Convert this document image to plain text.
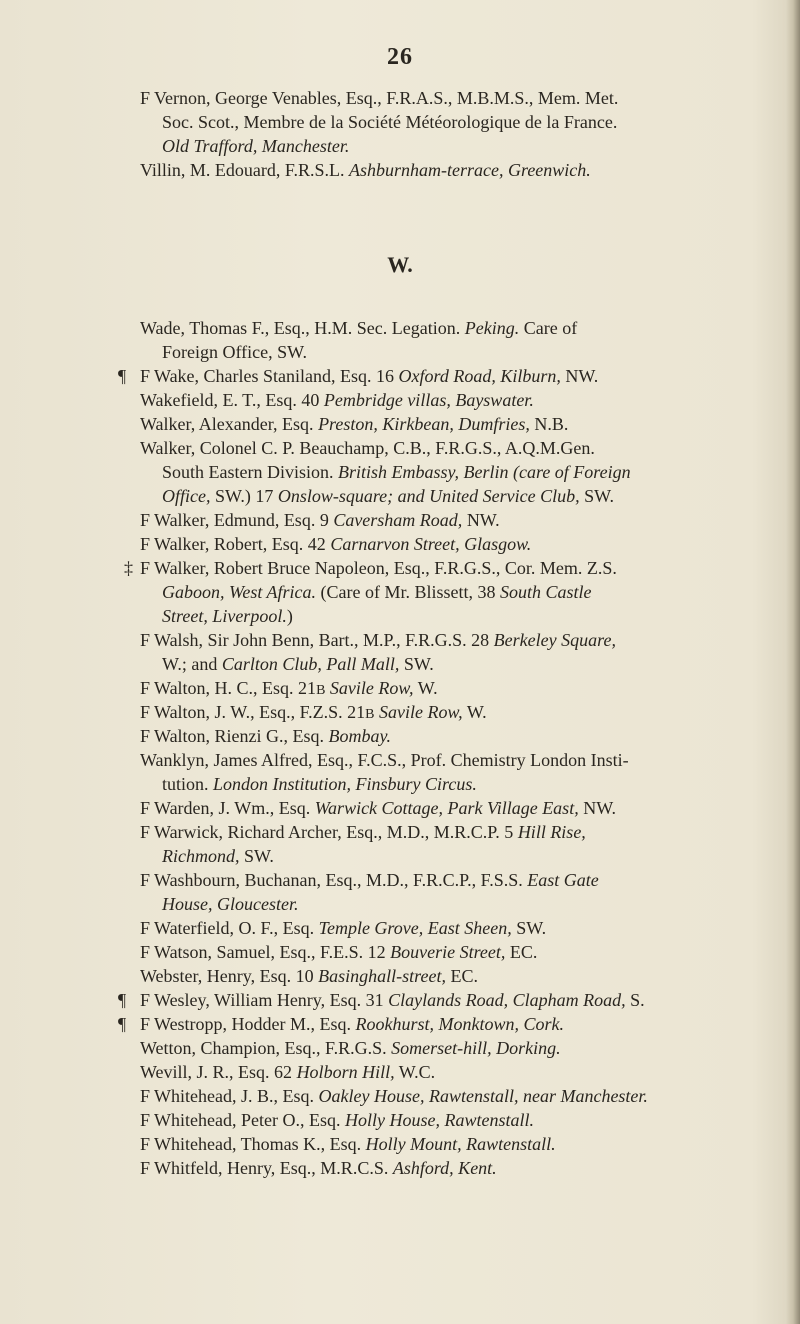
26
W.
F Vernon, George Venables, Esq., F.R.A.S., M.B.M.S., Mem. Met.
Soc. Scot., Membre de la Société Météorologique de la France.
Old Trafford, Manchester.
Villin, M. Edouard, F.R.S.L. Ashburnham-terrace, Greenwich.
Wade, Thomas F., Esq., H.M. Sec. Legation. Peking. Care of
Foreign Office, SW.
¶ F Wake, Charles Staniland, Esq. 16 Oxford Road, Kilburn, NW.
Wakefield, E. T., Esq. 40 Pembridge villas, Bayswater.
Walker, Alexander, Esq. Preston, Kirkbean, Dumfries, N.B.
Walker, Colonel C. P. Beauchamp, C.B., F.R.G.S., A.Q.M.Gen.
South Eastern Division. British Embassy, Berlin (care of Foreign
Office, SW.) 17 Onslow-square; and United Service Club, SW.
F Walker, Edmund, Esq. 9 Caversham Road, NW.
F Walker, Robert, Esq. 42 Carnarvon Street, Glasgow.
‡ F Walker, Robert Bruce Napoleon, Esq., F.R.G.S., Cor. Mem. Z.S.
Gaboon, West Africa. (Care of Mr. Blissett, 38 South Castle
Street, Liverpool.)
F Walsh, Sir John Benn, Bart., M.P., F.R.G.S. 28 Berkeley Square,
W.; and Carlton Club, Pall Mall, SW.
F Walton, H. C., Esq. 21B Savile Row, W.
F Walton, J. W., Esq., F.Z.S. 21B Savile Row, W.
F Walton, Rienzi G., Esq. Bombay.
Wanklyn, James Alfred, Esq., F.C.S., Prof. Chemistry London Insti-
tution. London Institution, Finsbury Circus.
F Warden, J. Wm., Esq. Warwick Cottage, Park Village East, NW.
F Warwick, Richard Archer, Esq., M.D., M.R.C.P. 5 Hill Rise,
Richmond, SW.
F Washbourn, Buchanan, Esq., M.D., F.R.C.P., F.S.S. East Gate
House, Gloucester.
F Waterfield, O. F., Esq. Temple Grove, East Sheen, SW.
F Watson, Samuel, Esq., F.E.S. 12 Bouverie Street, EC.
Webster, Henry, Esq. 10 Basinghall-street, EC.
¶ F Wesley, William Henry, Esq. 31 Claylands Road, Clapham Road, S.
¶ F Westropp, Hodder M., Esq. Rookhurst, Monktown, Cork.
Wetton, Champion, Esq., F.R.G.S. Somerset-hill, Dorking.
Wevill, J. R., Esq. 62 Holborn Hill, W.C.
F Whitehead, J. B., Esq. Oakley House, Rawtenstall, near Manchester.
F Whitehead, Peter O., Esq. Holly House, Rawtenstall.
F Whitehead, Thomas K., Esq. Holly Mount, Rawtenstall.
F Whitfeld, Henry, Esq., M.R.C.S. Ashford, Kent.
